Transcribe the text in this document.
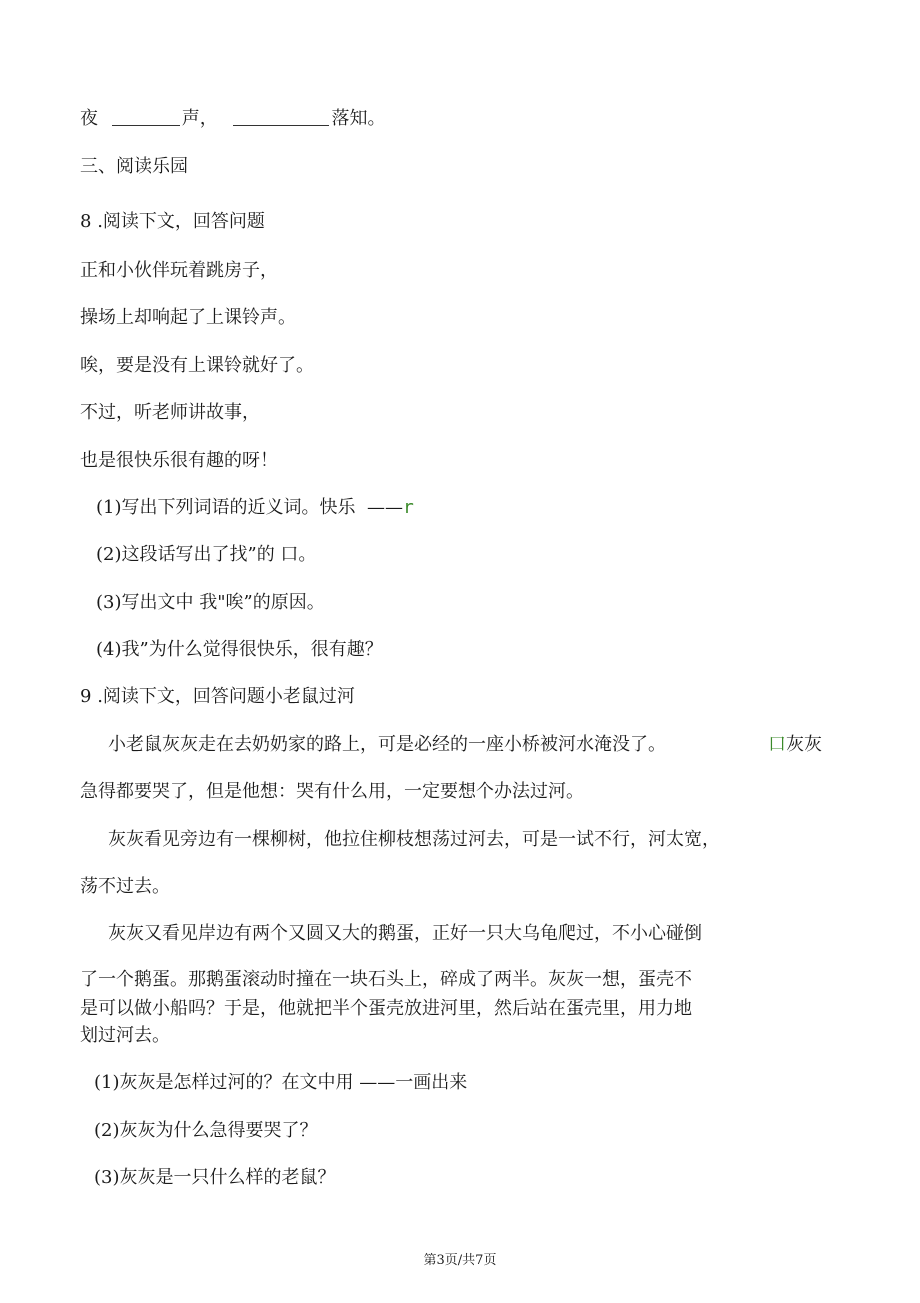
夜	声，	落知。
三、阅读乐园
8 .阅读下文，回答问题
正和小伙伴玩着跳房子，
操场上却响起了上课铃声。
唉，要是没有上课铃就好了。
不过，听老师讲故事，
也是很快乐很有趣的呀！
(1)写出下列词语的近义词。快乐 ——r
(2)这段话写出了找”的 口。
(3)写出文中 我"唉”的原因。
(4)我”为什么觉得很快乐，很有趣？
9 .阅读下文，回答问题小老鼠过河
小老鼠灰灰走在去奶奶家的路上，可是必经的一座小桥被河水淹没了。	口灰灰
急得都要哭了，但是他想：哭有什么用，一定要想个办法过河。
灰灰看见旁边有一棵柳树，他拉住柳枝想荡过河去，可是一试不行，河太宽，
荡不过去。
灰灰又看见岸边有两个又圆又大的鹅蛋，正好一只大乌龟爬过，不小心碰倒
了一个鹅蛋。那鹅蛋滚动时撞在一块石头上，碎成了两半。灰灰一想，蛋壳不
是可以做小船吗？于是，他就把半个蛋壳放进河里，然后站在蛋壳里，用力地
划过河去。
(1)灰灰是怎样过河的？在文中用 ——一画出来
(2)灰灰为什么急得要哭了？
(3)灰灰是一只什么样的老鼠？
第3页/共7页
